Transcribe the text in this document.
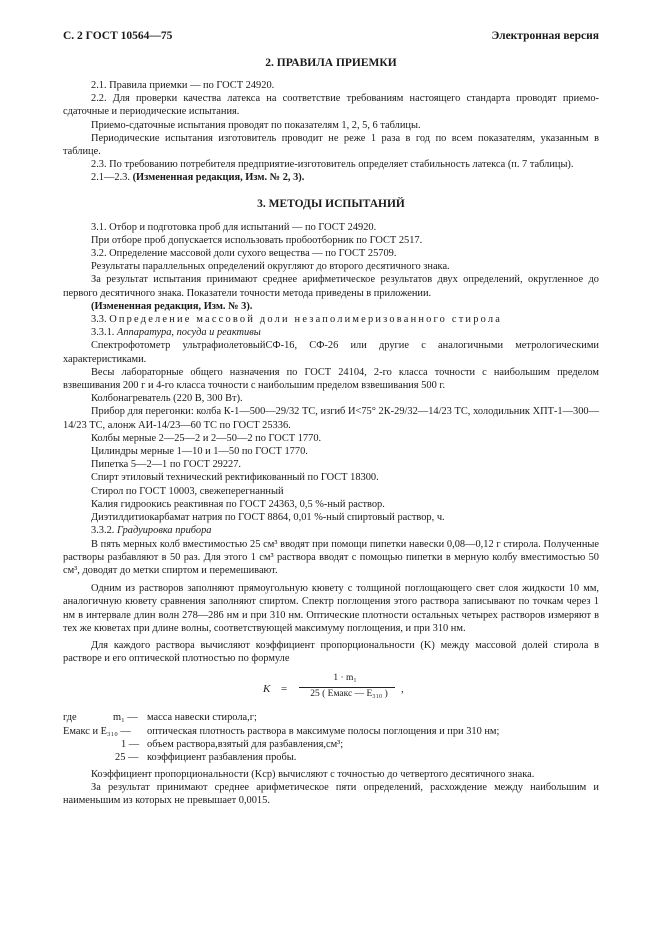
С. 2 ГОСТ 10564—75	Электронная версия
2. ПРАВИЛА ПРИЕМКИ

2.1. Правила приемки — по ГОСТ 24920.

2.2. Для проверки качества латекса на соответствие требованиям настоящего стандарта проводят приемо-сдаточные и периодические испытания.

Приемо-сдаточные испытания проводят по показателям 1, 2, 5, 6 таблицы.

Периодические испытания изготовитель проводит не реже 1 раза в год по всем показателям, указанным в таблице.

2.3. По требованию потребителя предприятие-изготовитель определяет стабильность латекса (п. 7 таблицы).

2.1—2.3. (Измененная редакция, Изм. № 2, 3).

3. МЕТОДЫ ИСПЫТАНИЙ

3.1. Отбор и подготовка проб для испытаний — по ГОСТ 24920.

При отборе проб допускается использовать пробоотборник по ГОСТ 2517.

3.2. Определение массовой доли сухого вещества — по ГОСТ 25709.

Результаты параллельных определений округляют до второго десятичного знака.

За результат испытания принимают среднее арифметическое результатов двух определений, округленное до первого десятичного знака. Показатели точности метода приведены в приложении.

(Измененная редакция, Изм. № 3).

3.3. Определение массовой доли незаполимеризованного стирола

3.3.1. Аппаратура, посуда и реактивы

Спектрофотометр ультрафиолетовыйСФ-16, СФ-26 или другие с аналогичными метрологическими характеристиками.

Весы лабораторные общего назначения по ГОСТ 24104, 2-го класса точности с наибольшим пределом взвешивания 200 г и 4-го класса точности с наибольшим пределом взвешивания 500 г.

Колбонагреватель (220 В, 300 Вт).

Прибор для перегонки: колба К-1—500—29/32 ТС, изгиб И<75° 2К-29/32—14/23 ТС, холодильник ХПТ-1—300—14/23 ТС, алонж АИ-14/23—60 ТС по ГОСТ 25336.

Колбы мерные 2—25—2 и 2—50—2 по ГОСТ 1770.

Цилиндры мерные 1—10 и 1—50 по ГОСТ 1770.

Пипетка 5—2—1 по ГОСТ 29227.

Спирт этиловый технический ректификованный по ГОСТ 18300.

Стирол по ГОСТ 10003, свежеперегнанный

Калия гидроокись реактивная по ГОСТ 24363, 0,5 %-ный раствор.

Диэтилдитиокарбамат натрия по ГОСТ 8864, 0,01 %-ный спиртовый раствор, ч.

3.3.2. Градуировка прибора

В пять мерных колб вместимостью 25 см³ вводят при помощи пипетки навески 0,08—0,12 г стирола. Полученные растворы разбавляют в 50 раз. Для этого 1 см³ раствора вводят с помощью пипетки в мерную колбу вместимостью 50 см³, доводят до метки спиртом и перемешивают.

Одним из растворов заполняют прямоугольную кювету с толщиной поглощающего свет слоя жидкости 10 мм, аналогичную кювету сравнения заполняют спиртом. Спектр поглощения этого раствора записывают по точкам через 1 нм в интервале длин волн 278—286 нм и при 310 нм. Оптические плотности остальных четырех растворов измеряют в тех же кюветах при длине волны, соответствующей максимуму поглощения, и при 310 нм.

Для каждого раствора вычисляют коэффициент пропорциональности (K) между массовой долей стирола в растворе и его оптической плотностью по формуле

K =
1 · m₁
25 ( Eмакс — E₃₁₀ )	,
где	m₁ — масса навески стирола,г;
Eмакс и E₃₁₀ — оптическая плотность раствора в максимуме полосы поглощения и при 310 нм;
1 — объем раствора,взятый для разбавления,см³;
25 — коэффициент разбавления пробы.

Коэффициент пропорциональности (Kср) вычисляют с точностью до четвертого десятичного знака.

За результат принимают среднее арифметическое пяти определений, расхождение между наибольшим и наименьшим из которых не превышает 0,0015.
